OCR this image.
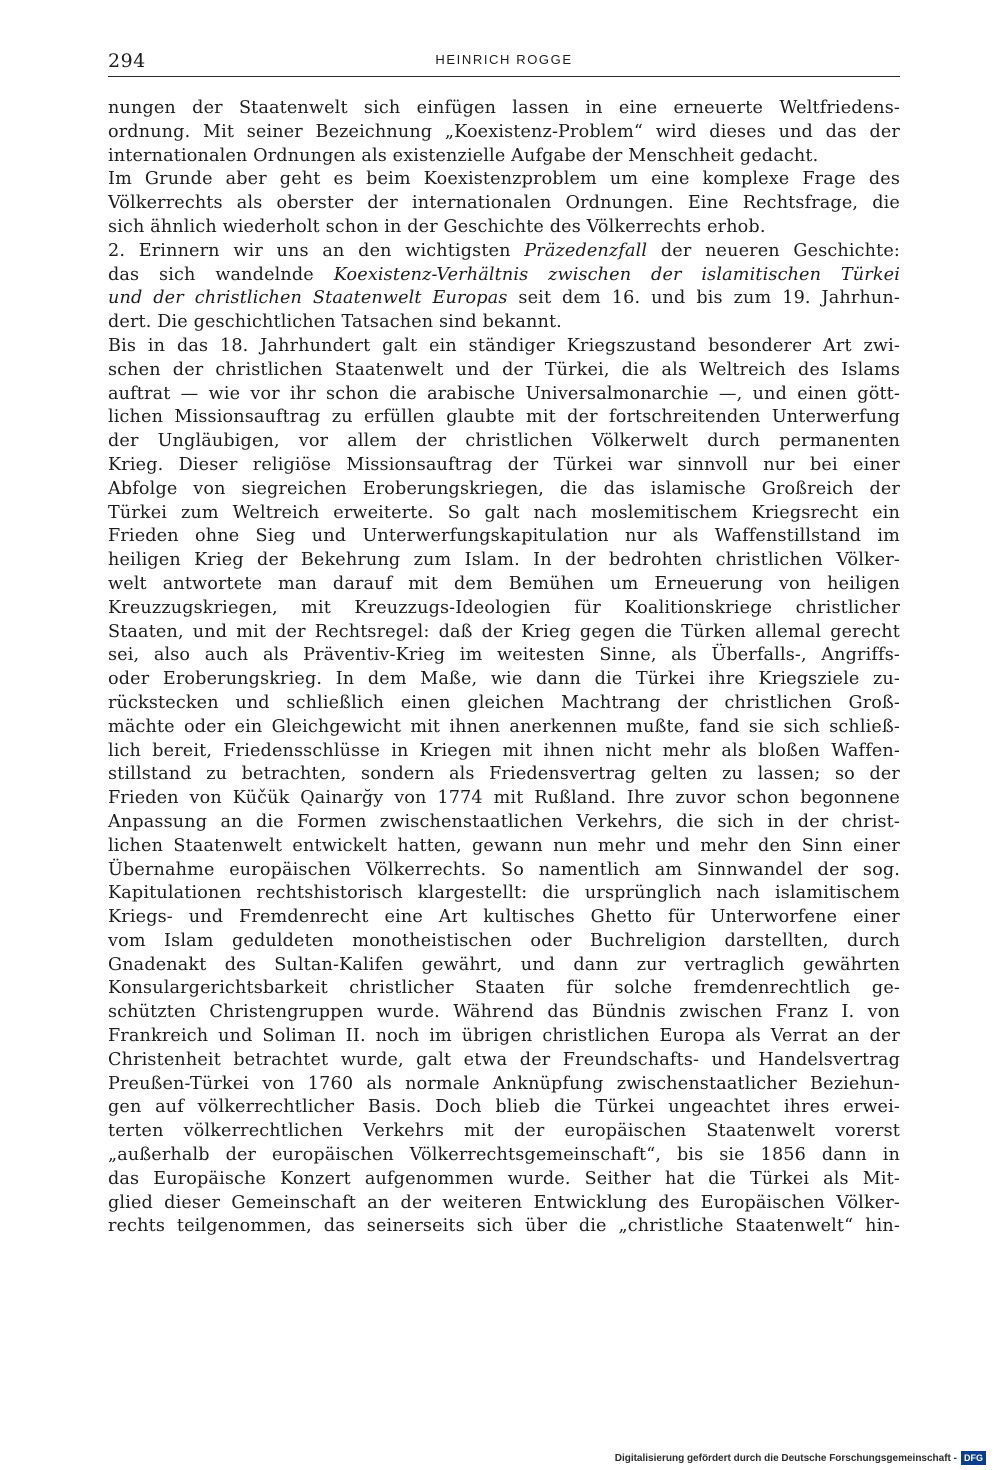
294	HEINRICH ROGGE
nungen der Staatenwelt sich einfügen lassen in eine erneuerte Weltfriedens-
ordnung. Mit seiner Bezeichnung „Koexistenz-Problem“ wird dieses und das der
internationalen Ordnungen als existenzielle Aufgabe der Menschheit gedacht.
Im Grunde aber geht es beim Koexistenzproblem um eine komplexe Frage des
Völkerrechts als oberster der internationalen Ordnungen. Eine Rechtsfrage, die
sich ähnlich wiederholt schon in der Geschichte des Völkerrechts erhob.
2. Erinnern wir uns an den wichtigsten Präzedenzfall der neueren Geschichte:
das sich wandelnde Koexistenz-Verhältnis zwischen der islamitischen Türkei
und der christlichen Staatenwelt Europas seit dem 16. und bis zum 19. Jahrhun-
dert. Die geschichtlichen Tatsachen sind bekannt.
Bis in das 18. Jahrhundert galt ein ständiger Kriegszustand besonderer Art zwi-
schen der christlichen Staatenwelt und der Türkei, die als Weltreich des Islams
auftrat — wie vor ihr schon die arabische Universalmonarchie —, und einen gött-
lichen Missionsauftrag zu erfüllen glaubte mit der fortschreitenden Unterwerfung
der Ungläubigen, vor allem der christlichen Völkerwelt durch permanenten
Krieg. Dieser religiöse Missionsauftrag der Türkei war sinnvoll nur bei einer
Abfolge von siegreichen Eroberungskriegen, die das islamische Großreich der
Türkei zum Weltreich erweiterte. So galt nach moslemitischem Kriegsrecht ein
Frieden ohne Sieg und Unterwerfungskapitulation nur als Waffenstillstand im
heiligen Krieg der Bekehrung zum Islam. In der bedrohten christlichen Völker-
welt antwortete man darauf mit dem Bemühen um Erneuerung von heiligen
Kreuzzugskriegen, mit Kreuzzugs-Ideologien für Koalitionskriege christlicher
Staaten, und mit der Rechtsregel: daß der Krieg gegen die Türken allemal gerecht
sei, also auch als Präventiv-Krieg im weitesten Sinne, als Überfalls-, Angriffs-
oder Eroberungskrieg. In dem Maße, wie dann die Türkei ihre Kriegsziele zu-
rückstecken und schließlich einen gleichen Machtrang der christlichen Groß-
mächte oder ein Gleichgewicht mit ihnen anerkennen mußte, fand sie sich schließ-
lich bereit, Friedensschlüsse in Kriegen mit ihnen nicht mehr als bloßen Waffen-
stillstand zu betrachten, sondern als Friedensvertrag gelten zu lassen; so der
Frieden von Küčük Qainarğy von 1774 mit Rußland. Ihre zuvor schon begonnene
Anpassung an die Formen zwischenstaatlichen Verkehrs, die sich in der christ-
lichen Staatenwelt entwickelt hatten, gewann nun mehr und mehr den Sinn einer
Übernahme europäischen Völkerrechts. So namentlich am Sinnwandel der sog.
Kapitulationen rechtshistorisch klargestellt: die ursprünglich nach islamitischem
Kriegs- und Fremdenrecht eine Art kultisches Ghetto für Unterworfene einer
vom Islam geduldeten monotheistischen oder Buchreligion darstellten, durch
Gnadenakt des Sultan-Kalifen gewährt, und dann zur vertraglich gewährten
Konsulargerichtsbarkeit christlicher Staaten für solche fremdenrechtlich ge-
schützten Christengruppen wurde. Während das Bündnis zwischen Franz I. von
Frankreich und Soliman II. noch im übrigen christlichen Europa als Verrat an der
Christenheit betrachtet wurde, galt etwa der Freundschafts- und Handelsvertrag
Preußen-Türkei von 1760 als normale Anknüpfung zwischenstaatlicher Beziehun-
gen auf völkerrechtlicher Basis. Doch blieb die Türkei ungeachtet ihres erwei-
terten völkerrechtlichen Verkehrs mit der europäischen Staatenwelt vorerst
„außerhalb der europäischen Völkerrechtsgemeinschaft“, bis sie 1856 dann in
das Europäische Konzert aufgenommen wurde. Seither hat die Türkei als Mit-
glied dieser Gemeinschaft an der weiteren Entwicklung des Europäischen Völker-
rechts teilgenommen, das seinerseits sich über die „christliche Staatenwelt“ hin-
Digitalisierung gefördert durch die Deutsche Forschungsgemeinschaft - DFG
